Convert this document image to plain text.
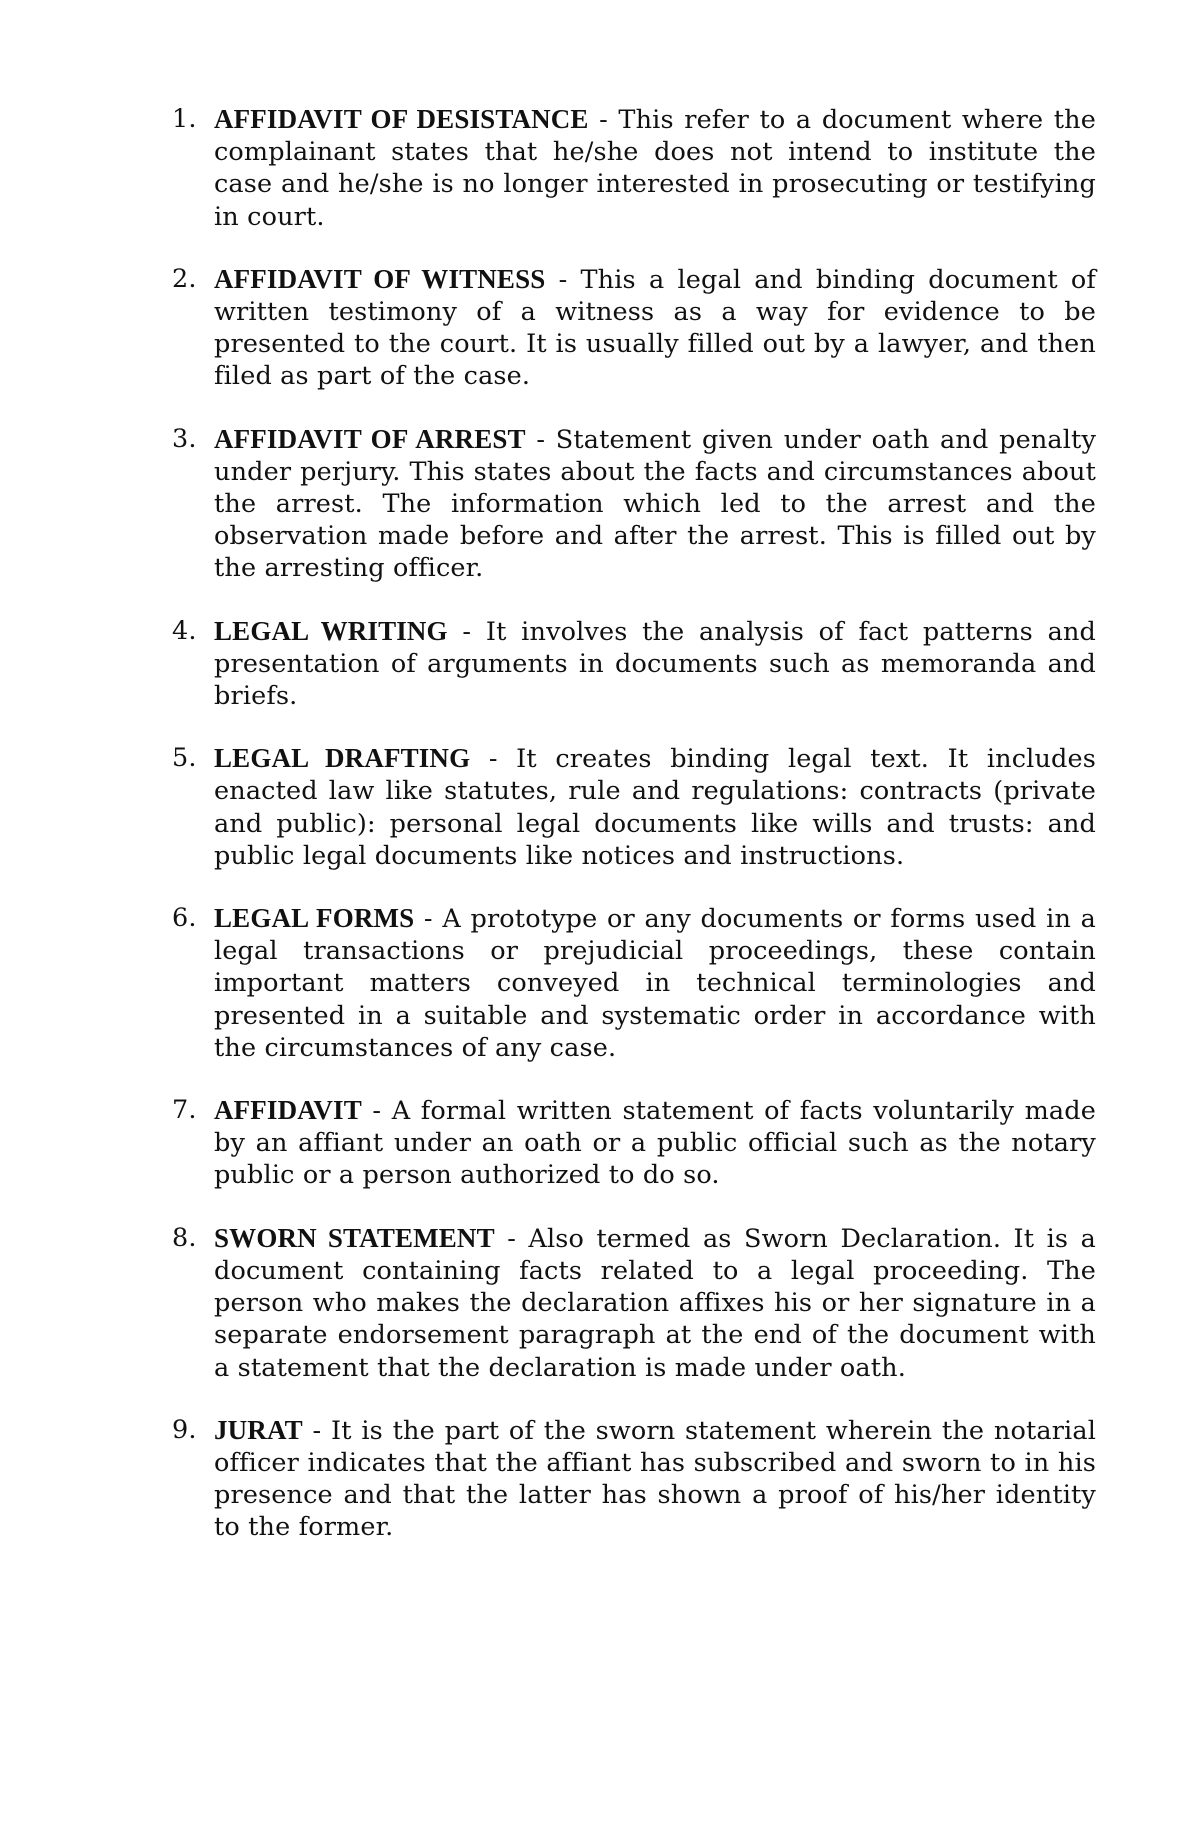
1. AFFIDAVIT OF DESISTANCE - This refer to a document where the complainant states that he/she does not intend to institute the case and he/she is no longer interested in prosecuting or testifying in court.
2. AFFIDAVIT OF WITNESS - This a legal and binding document of written testimony of a witness as a way for evidence to be presented to the court. It is usually filled out by a lawyer, and then filed as part of the case.
3. AFFIDAVIT OF ARREST - Statement given under oath and penalty under perjury. This states about the facts and circumstances about the arrest. The information which led to the arrest and the observation made before and after the arrest. This is filled out by the arresting officer.
4. LEGAL WRITING - It involves the analysis of fact patterns and presentation of arguments in documents such as memoranda and briefs.
5. LEGAL DRAFTING - It creates binding legal text. It includes enacted law like statutes, rule and regulations: contracts (private and public): personal legal documents like wills and trusts: and public legal documents like notices and instructions.
6. LEGAL FORMS - A prototype or any documents or forms used in a legal transactions or prejudicial proceedings, these contain important matters conveyed in technical terminologies and presented in a suitable and systematic order in accordance with the circumstances of any case.
7. AFFIDAVIT - A formal written statement of facts voluntarily made by an affiant under an oath or a public official such as the notary public or a person authorized to do so.
8. SWORN STATEMENT - Also termed as Sworn Declaration. It is a document containing facts related to a legal proceeding. The person who makes the declaration affixes his or her signature in a separate endorsement paragraph at the end of the document with a statement that the declaration is made under oath.
9. JURAT - It is the part of the sworn statement wherein the notarial officer indicates that the affiant has subscribed and sworn to in his presence and that the latter has shown a proof of his/her identity to the former.
